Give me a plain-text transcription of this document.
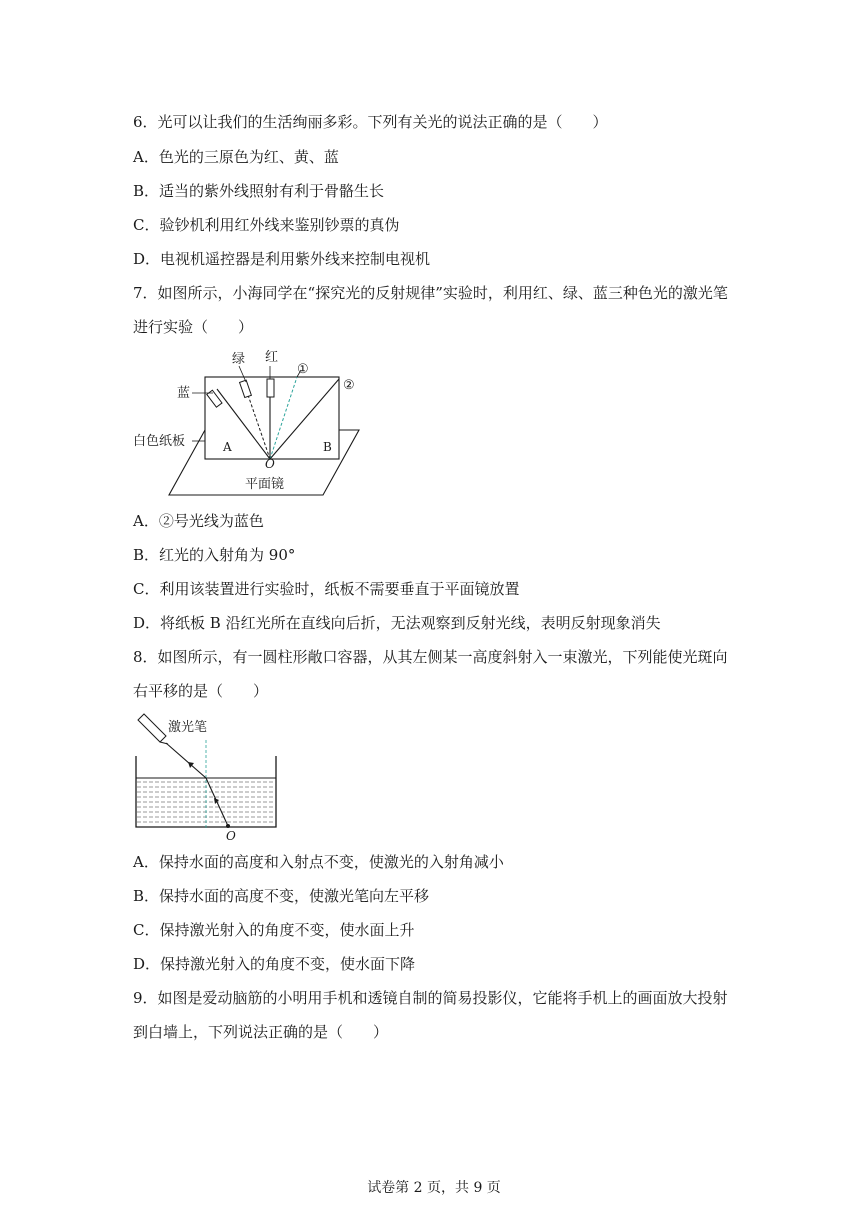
6．光可以让我们的生活绚丽多彩。下列有关光的说法正确的是（　　）
A．色光的三原色为红、黄、蓝
B．适当的紫外线照射有利于骨骼生长
C．验钞机利用红外线来鉴别钞票的真伪
D．电视机遥控器是利用紫外线来控制电视机
7．如图所示，小海同学在“探究光的反射规律”实验时，利用红、绿、蓝三种色光的激光笔
进行实验（　　）
绿 红
①
②
蓝
白色纸板	A	B
O
平面镜
A．②号光线为蓝色
B．红光的入射角为 90°
C．利用该装置进行实验时，纸板不需要垂直于平面镜放置
D．将纸板 B 沿红光所在直线向后折，无法观察到反射光线，表明反射现象消失
8．如图所示，有一圆柱形敞口容器，从其左侧某一高度斜射入一束激光，下列能使光斑向
右平移的是（　　）
激光笔
O
A．保持水面的高度和入射点不变，使激光的入射角减小
B．保持水面的高度不变，使激光笔向左平移
C．保持激光射入的角度不变，使水面上升
D．保持激光射入的角度不变，使水面下降
9．如图是爱动脑筋的小明用手机和透镜自制的简易投影仪，它能将手机上的画面放大投射
到白墙上，下列说法正确的是（　　）
试卷第 2 页，共 9 页
